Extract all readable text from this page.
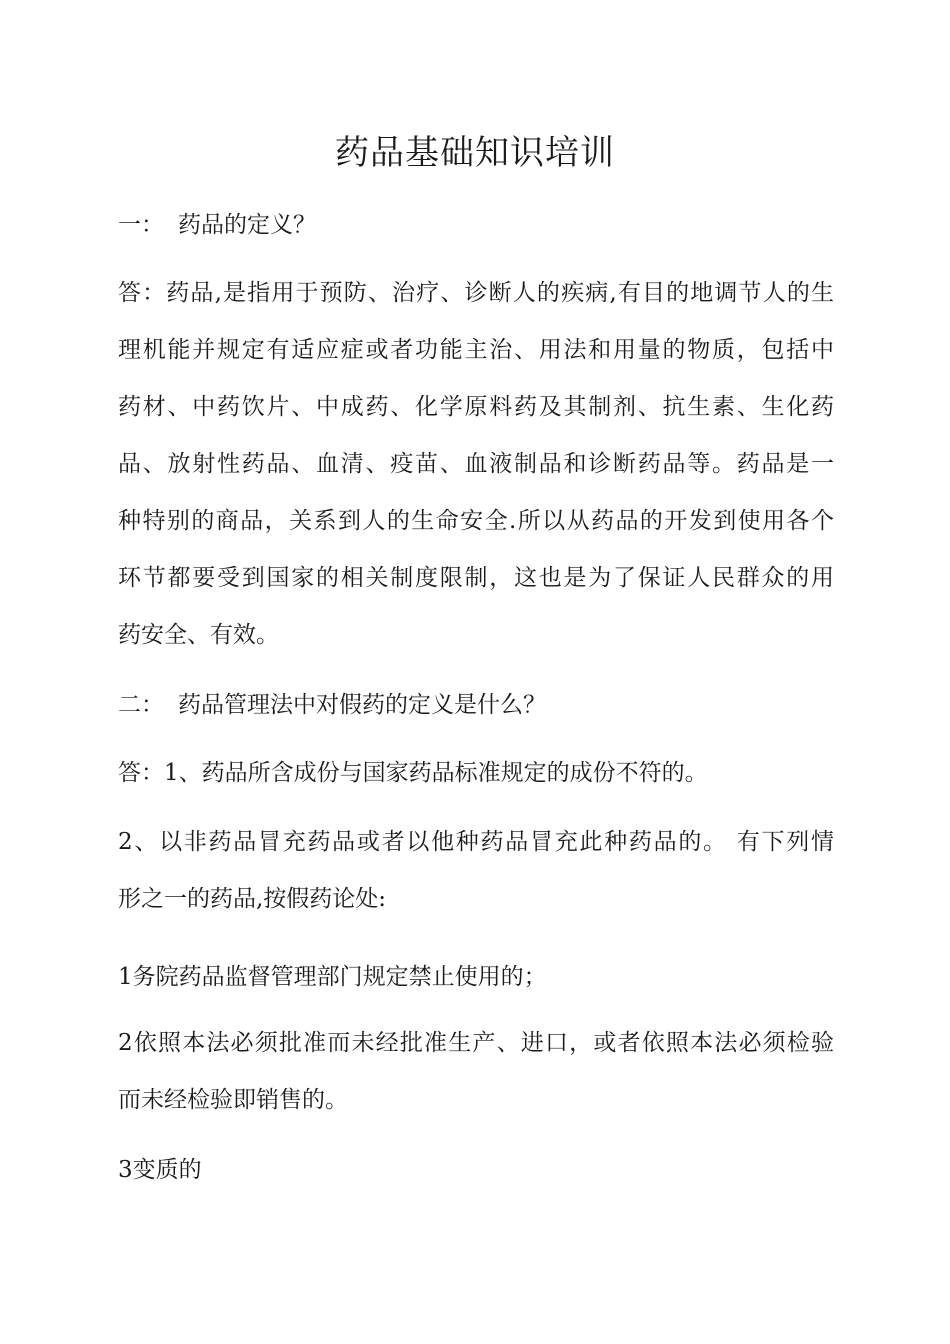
药品基础知识培训
一： 药品的定义？
答：药品,是指用于预防、治疗、诊断人的疾病,有目的地调节人的生
理机能并规定有适应症或者功能主治、用法和用量的物质，包括中
药材、中药饮片、中成药、化学原料药及其制剂、抗生素、生化药
品、放射性药品、血清、疫苗、血液制品和诊断药品等。药品是一
种特别的商品，关系到人的生命安全.所以从药品的开发到使用各个
环节都要受到国家的相关制度限制，这也是为了保证人民群众的用
药安全、有效。
二： 药品管理法中对假药的定义是什么？
答：1、药品所含成份与国家药品标准规定的成份不符的。
2、以非药品冒充药品或者以他种药品冒充此种药品的。 有下列情
形之一的药品,按假药论处:
1务院药品监督管理部门规定禁止使用的；
2依照本法必须批准而未经批准生产、进口，或者依照本法必须检验
而未经检验即销售的。
3变质的
